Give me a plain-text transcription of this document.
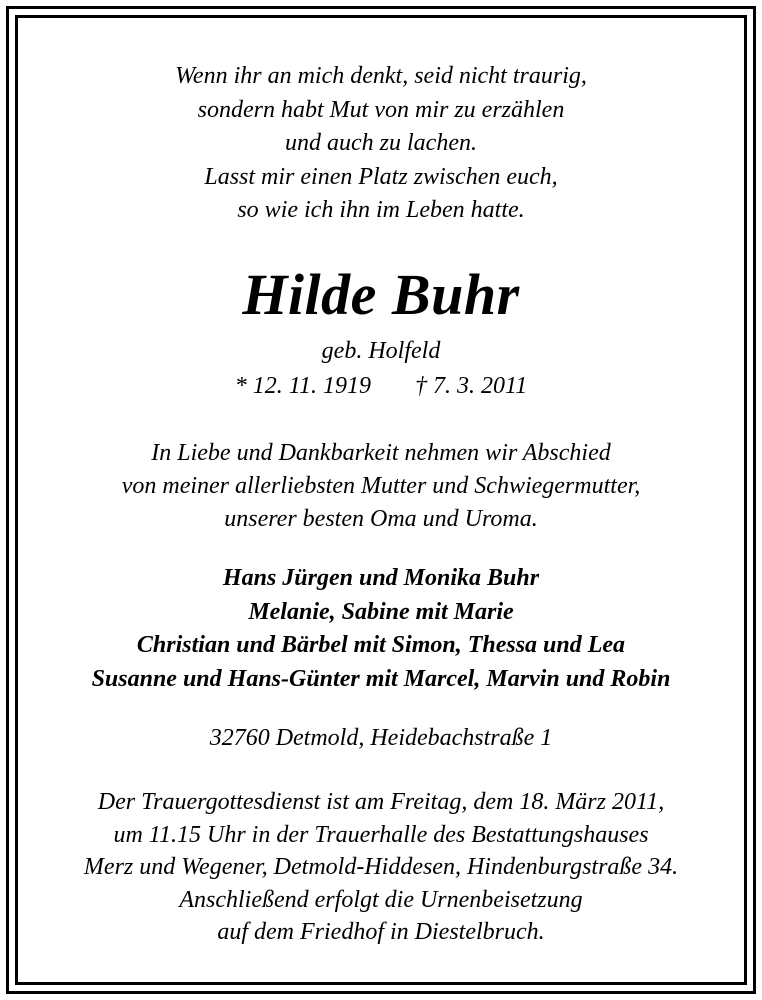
Wenn ihr an mich denkt, seid nicht traurig,
sondern habt Mut von mir zu erzählen
und auch zu lachen.
Lasst mir einen Platz zwischen euch,
so wie ich ihn im Leben hatte.
Hilde Buhr
geb. Holfeld
* 12. 11. 1919 † 7. 3. 2011
In Liebe und Dankbarkeit nehmen wir Abschied
von meiner allerliebsten Mutter und Schwiegermutter,
unserer besten Oma und Uroma.
Hans Jürgen und Monika Buhr
Melanie, Sabine mit Marie
Christian und Bärbel mit Simon, Thessa und Lea
Susanne und Hans-Günter mit Marcel, Marvin und Robin
32760 Detmold, Heidebachstraße 1
Der Trauergottesdienst ist am Freitag, dem 18. März 2011,
um 11.15 Uhr in der Trauerhalle des Bestattungshauses
Merz und Wegener, Detmold-Hiddesen, Hindenburgstraße 34.
Anschließend erfolgt die Urnenbeisetzung
auf dem Friedhof in Diestelbruch.
